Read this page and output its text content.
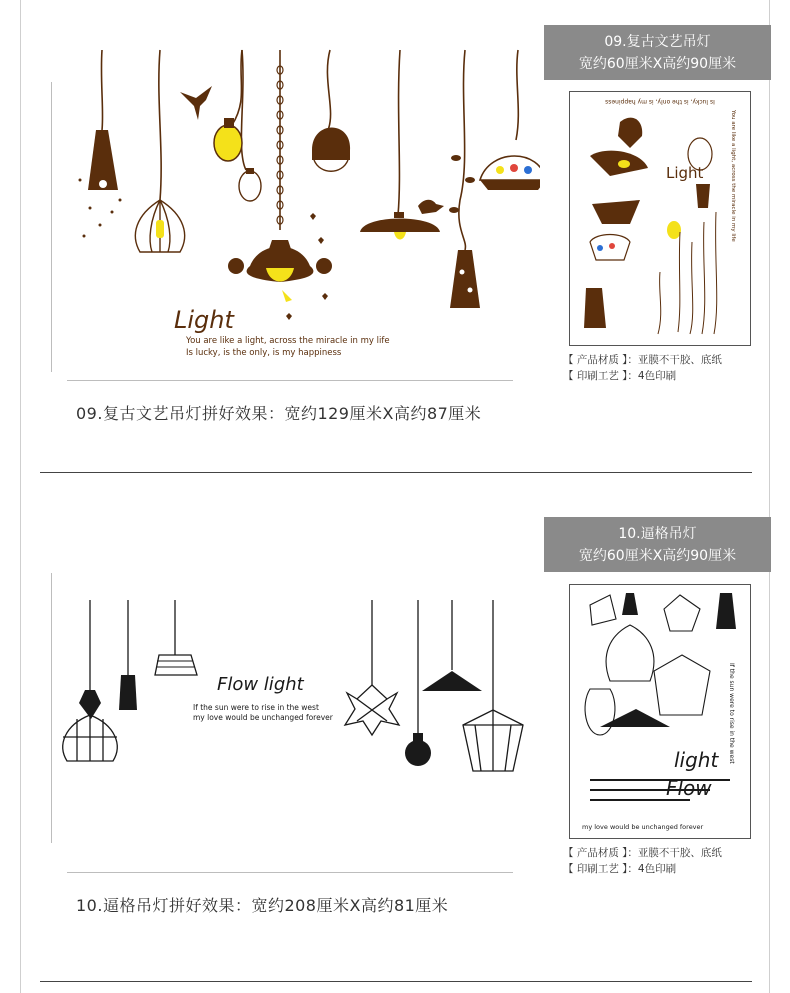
Light
You are like a light, across the miracle in my life
Is lucky, is the only, is my happiness
09.复古文艺吊灯
宽约60厘米X高约90厘米
Is lucky, is the only, is my happiness
Light	You are like a light, across the miracle in my life
【 产品材质 】：亚膜不干胶、底纸
【 印刷工艺 】：4色印刷
09.复古文艺吊灯拼好效果：宽约129厘米X高约87厘米
Flow light
If the sun were to rise in the west
my love would be unchanged forever
10.逼格吊灯
宽约60厘米X高约90厘米
light
Flow
If the sun were to rise in the west
my love would be unchanged forever
【 产品材质 】：亚膜不干胶、底纸
【 印刷工艺 】：4色印刷
10.逼格吊灯拼好效果：宽约208厘米X高约81厘米
